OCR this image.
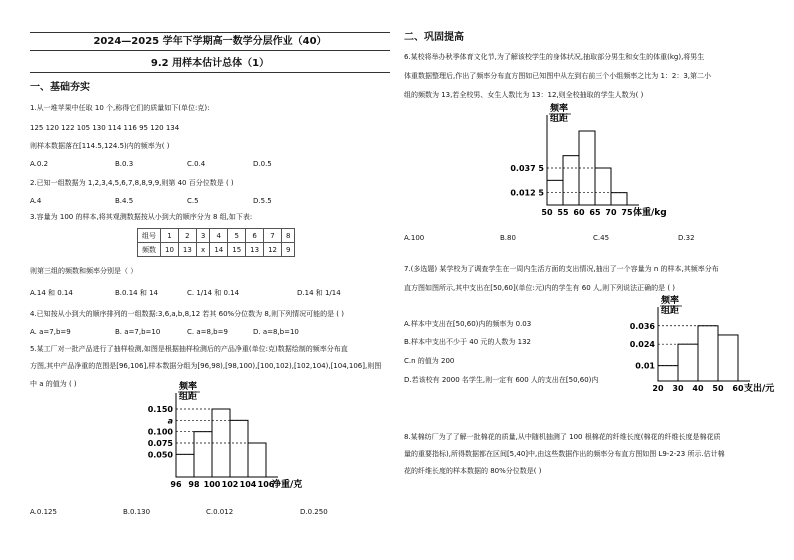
2024—2025 学年下学期高一数学分层作业（40）
9.2 用样本估计总体（1）
一、基础夯实
1.从一堆苹果中任取 10 个,称得它们的质量如下(单位:克):
125 120 122 105 130 114 116 95 120 134
则样本数据落在[114.5,124.5)内的频率为( )
A.0.2	B.0.3	C.0.4	D.0.5
2.已知一组数据为 1,2,3,4,5,6,7,8,8,9,9,则第 40 百分位数是 ( )
A.4	B.4.5	C.5	D.5.5
3.容量为 100 的样本,将其观测数据按从小到大的顺序分为 8 组,如下表:
组号	1	2	3	4	5	6	7	8
频数	10	13	x	14	15	13	12	9
则第三组的频数和频率分别是（ ）
A.14 和 0.14	B.0.14 和 14	C. 1/14 和 0.14	D.14 和 1/14
4.已知按从小到大的顺序排列的一组数据:3,6,a,b,8,12 若其 60%分位数为 8,则下列情况可能的是 ( )
A. a=7,b=9	B. a=7,b=10	C. a=8,b=9	D. a=8,b=10
5.某工厂对一批产品进行了抽样检测,如图是根据抽样检测后的产品净重(单位:克)数据绘制的频率分布直
方图,其中产品净重的范围是[96,106],样本数据分组为[96,98),[98,100),[100,102),[102,104),[104,106],则图
中 a 的值为 ( )	频率
组距
净重/克
96 98 100 102 104 106
0.150
a
0.100
0.075
0.050
A.0.125	B.0.130	C.0.012	D.0.250
二、巩固提高
6.某校将举办秋季体育文化节,为了解该校学生的身体状况,抽取部分男生和女生的体重(kg),将男生
体重数据整理后,作出了频率分布直方图如已知图中从左到右前三个小组频率之比为 1：2：3,第二小
组的频数为 13,若全校男、女生人数比为 13：12,则全校抽取的学生人数为( )
频率
组距
体重/kg
50 55 60 65 70 75
0.037 5
0.012 5
A.100	B.80	C.45	D.32
7.(多选题) 某学校为了调查学生在一周内生活方面的支出情况,抽出了一个容量为 n 的样本,其频率分布
直方图如图所示,其中支出在[50,60](单位:元)内的学生有 60 人,则下列说法正确的是 ( )
A.样本中支出在[50,60)内的频率为 0.03
B.样本中支出不少于 40 元的人数为 132
C.n 的值为 200
D.若该校有 2000 名学生,则一定有 600 人的支出在[50,60)内
频率
组距
支出/元
20 30 40 50 60
0.036
0.024
0.01
8.某棉纺厂为了了解一批棉花的质量,从中随机抽测了 100 根棉花的纤维长度(棉花的纤维长度是棉花质
量的重要指标),所得数据都在区间[5,40]中,由这些数据作出的频率分布直方图如图 L9-2-23 所示.估计棉
花的纤维长度的样本数据的 80%分位数是( )
